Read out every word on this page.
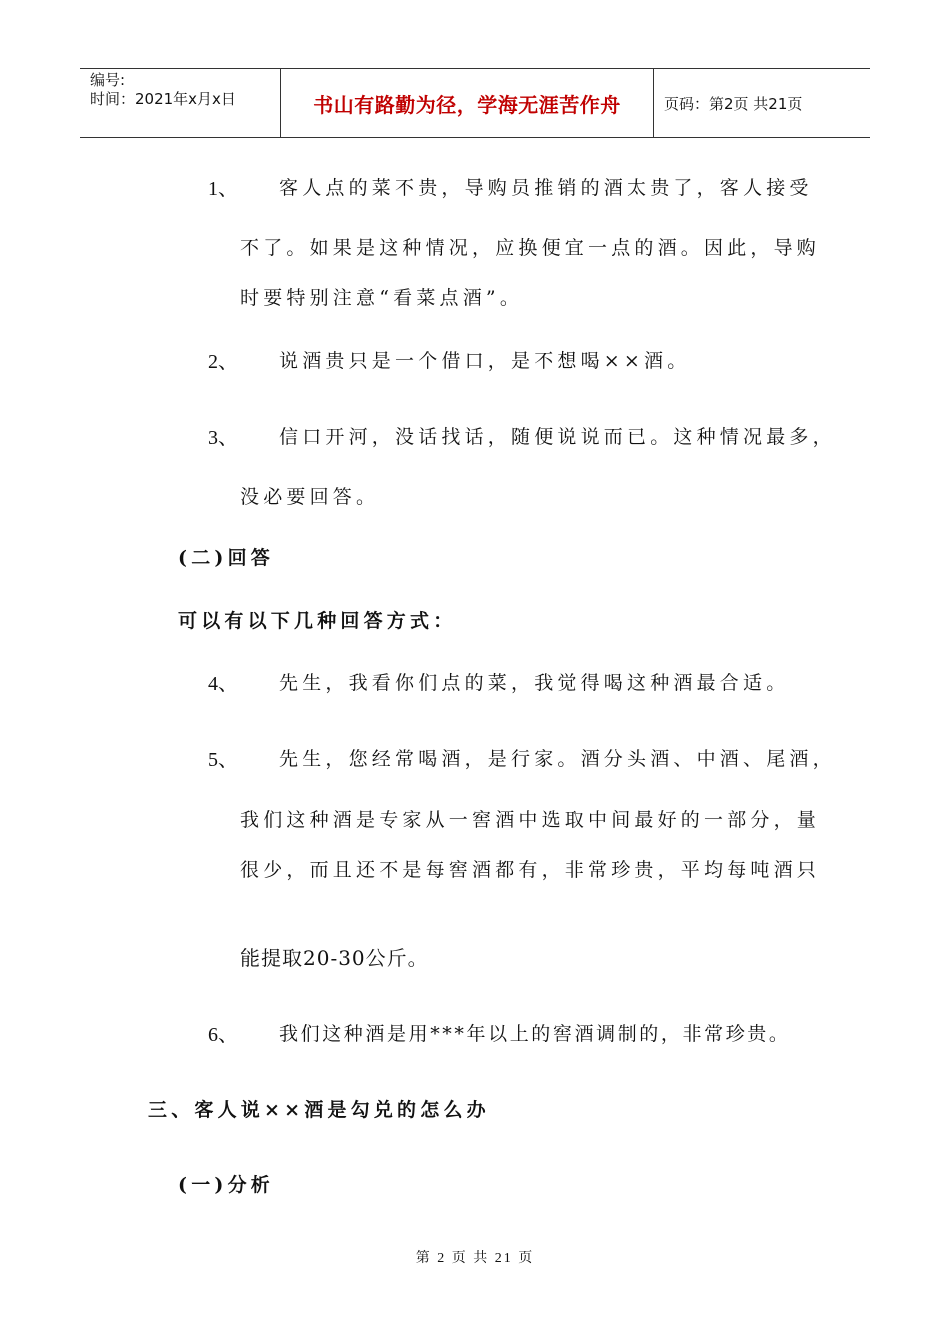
编号:
时间：2021年x月x日	书山有路勤为径，学海无涯苦作舟	页码：第2页 共21页
1、 客人点的菜不贵，导购员推销的酒太贵了，客人接受
不了。如果是这种情况，应换便宜一点的酒。因此，导购
时要特别注意“看菜点酒”。
2、 说酒贵只是一个借口，是不想喝××酒。
3、 信口开河，没话找话，随便说说而已。这种情况最多，
没必要回答。
(二)回答
可以有以下几种回答方式：
4、 先生，我看你们点的菜，我觉得喝这种酒最合适。
5、 先生，您经常喝酒，是行家。酒分头酒、中酒、尾酒，
我们这种酒是专家从一窖酒中选取中间最好的一部分，量
很少，而且还不是每窖酒都有，非常珍贵，平均每吨酒只
能提取20-30公斤。
6、 我们这种酒是用***年以上的窖酒调制的，非常珍贵。
三、客人说××酒是勾兑的怎么办
(一)分析
第 2 页 共 21 页
